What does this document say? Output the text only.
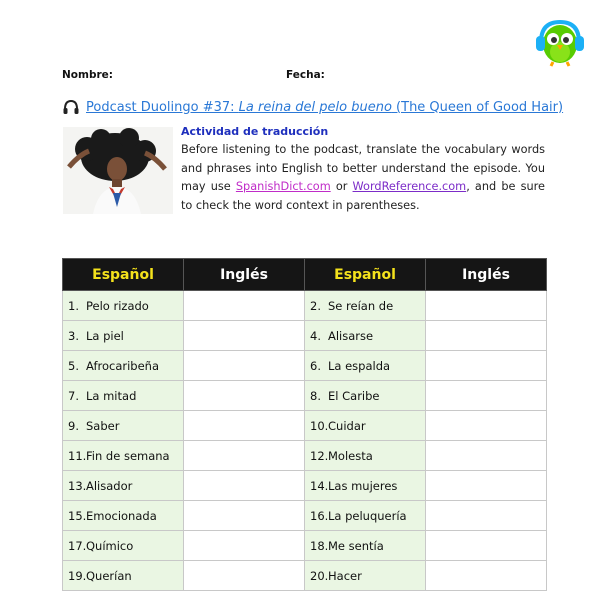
Nombre:	Fecha:
Podcast Duolingo #37: La reina del pelo bueno (The Queen of Good Hair)
Actividad de traducción
Before listening to the podcast, translate the vocabulary words and phrases into English to better understand the episode. You may use SpanishDict.com or WordReference.com, and be sure to check the word context in parentheses.
Español	Inglés	Español	Inglés
1. Pelo rizado		2. Se reían de	
3. La piel		4. Alisarse	
5. Afrocaribeña		6. La espalda	
7. La mitad		8. El Caribe	
9. Saber		10.Cuidar	
11.Fin de semana		12.Molesta	
13.Alisador		14.Las mujeres	
15.Emocionada		16.La peluquería	
17.Químico		18.Me sentía	
19.Querían		20.Hacer	
